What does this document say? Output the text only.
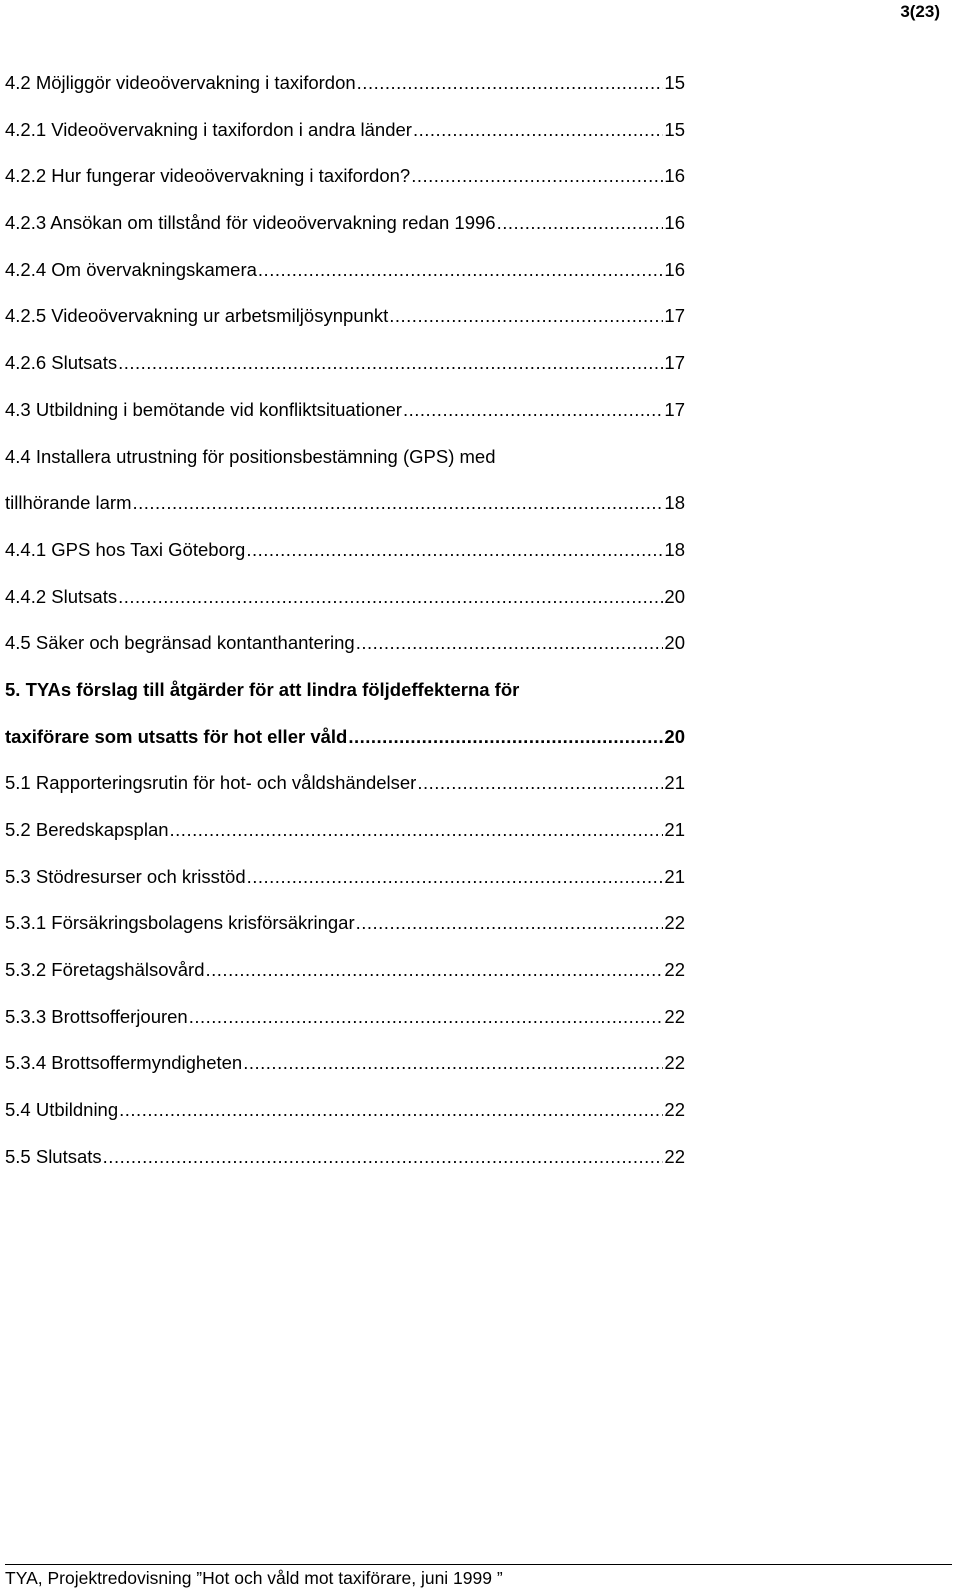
3(23)
4.2 Möjliggör videoövervakning i taxifordon .....	15
4.2.1 Videoövervakning i taxifordon i andra länder .....	15
4.2.2 Hur fungerar videoövervakning i taxifordon? .....	16
4.2.3 Ansökan om tillstånd för videoövervakning redan 1996 .....	16
4.2.4 Om övervakningskamera .....	16
4.2.5 Videoövervakning ur arbetsmiljösynpunkt .....	17
4.2.6 Slutsats .....	17
4.3 Utbildning i bemötande vid konfliktsituationer .....	17
4.4 Installera utrustning för positionsbestämning (GPS) med
tillhörande larm .....	18
4.4.1 GPS hos Taxi Göteborg .....	18
4.4.2 Slutsats .....	20
4.5 Säker och begränsad kontanthantering .....	20
5. TYAs förslag till åtgärder för att lindra följdeffekterna för
taxiförare som utsatts för hot eller våld .....	20
5.1 Rapporteringsrutin för hot- och våldshändelser .....	21
5.2 Beredskapsplan .....	21
5.3 Stödresurser och krisstöd .....	21
5.3.1 Försäkringsbolagens krisförsäkringar .....	22
5.3.2 Företagshälsovård .....	22
5.3.3 Brottsofferjouren .....	22
5.3.4 Brottsoffermyndigheten .....	22
5.4 Utbildning .....	22
5.5 Slutsats .....	22
TYA, Projektredovisning ”Hot och våld mot taxiförare, juni 1999 ”
